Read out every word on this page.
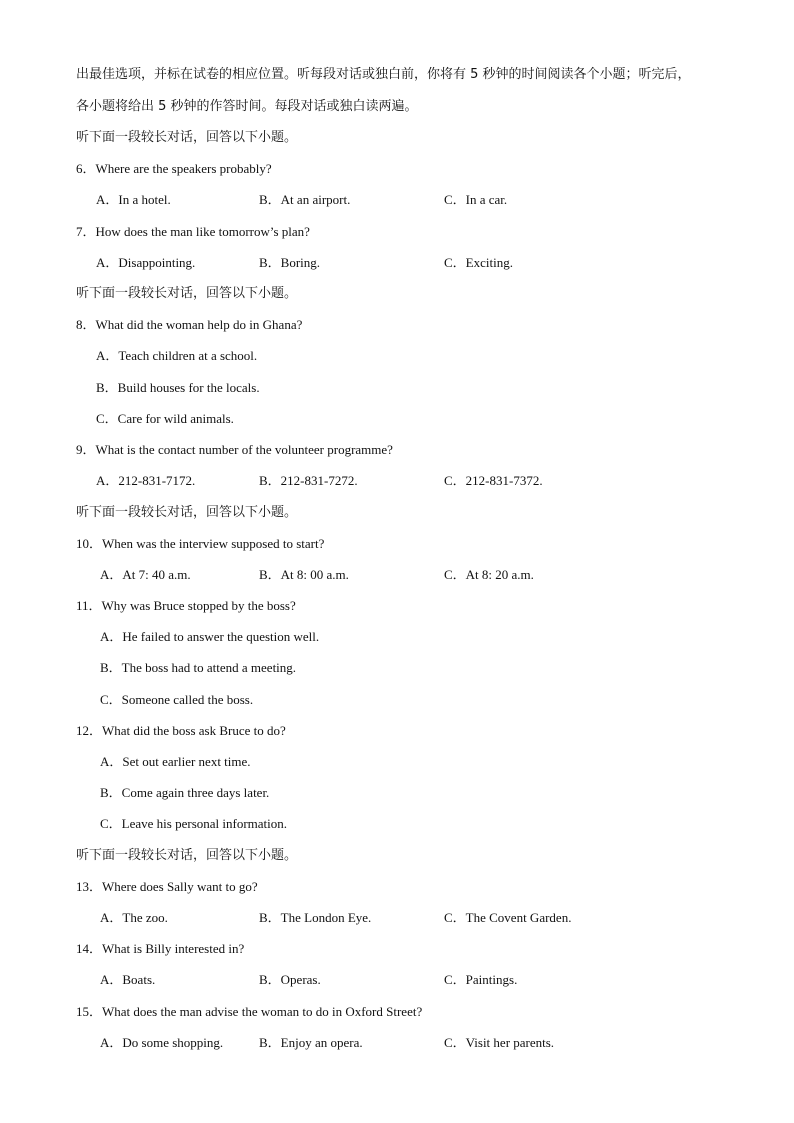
出最佳选项，并标在试卷的相应位置。听每段对话或独白前，你将有 5 秒钟的时间阅读各个小题；听完后，
各小题将给出 5 秒钟的作答时间。每段对话或独白读两遍。
听下面一段较长对话，回答以下小题。
6．Where are the speakers probably?
A．In a hotel.	B．At an airport.	C．In a car.
7．How does the man like tomorrow’s plan?
A．Disappointing.	B．Boring.	C．Exciting.
听下面一段较长对话，回答以下小题。
8．What did the woman help do in Ghana?
A．Teach children at a school.
B．Build houses for the locals.
C．Care for wild animals.
9．What is the contact number of the volunteer programme?
A．212-831-7172.	B．212-831-7272.	C．212-831-7372.
听下面一段较长对话，回答以下小题。
10．When was the interview supposed to start?
A．At 7: 40 a.m.	B．At 8: 00 a.m.	C．At 8: 20 a.m.
11．Why was Bruce stopped by the boss?
A．He failed to answer the question well.
B．The boss had to attend a meeting.
C．Someone called the boss.
12．What did the boss ask Bruce to do?
A．Set out earlier next time.
B．Come again three days later.
C．Leave his personal information.
听下面一段较长对话，回答以下小题。
13．Where does Sally want to go?
A．The zoo.	B．The London Eye.	C．The Covent Garden.
14．What is Billy interested in?
A．Boats.	B．Operas.	C．Paintings.
15．What does the man advise the woman to do in Oxford Street?
A．Do some shopping.	B．Enjoy an opera.	C．Visit her parents.
